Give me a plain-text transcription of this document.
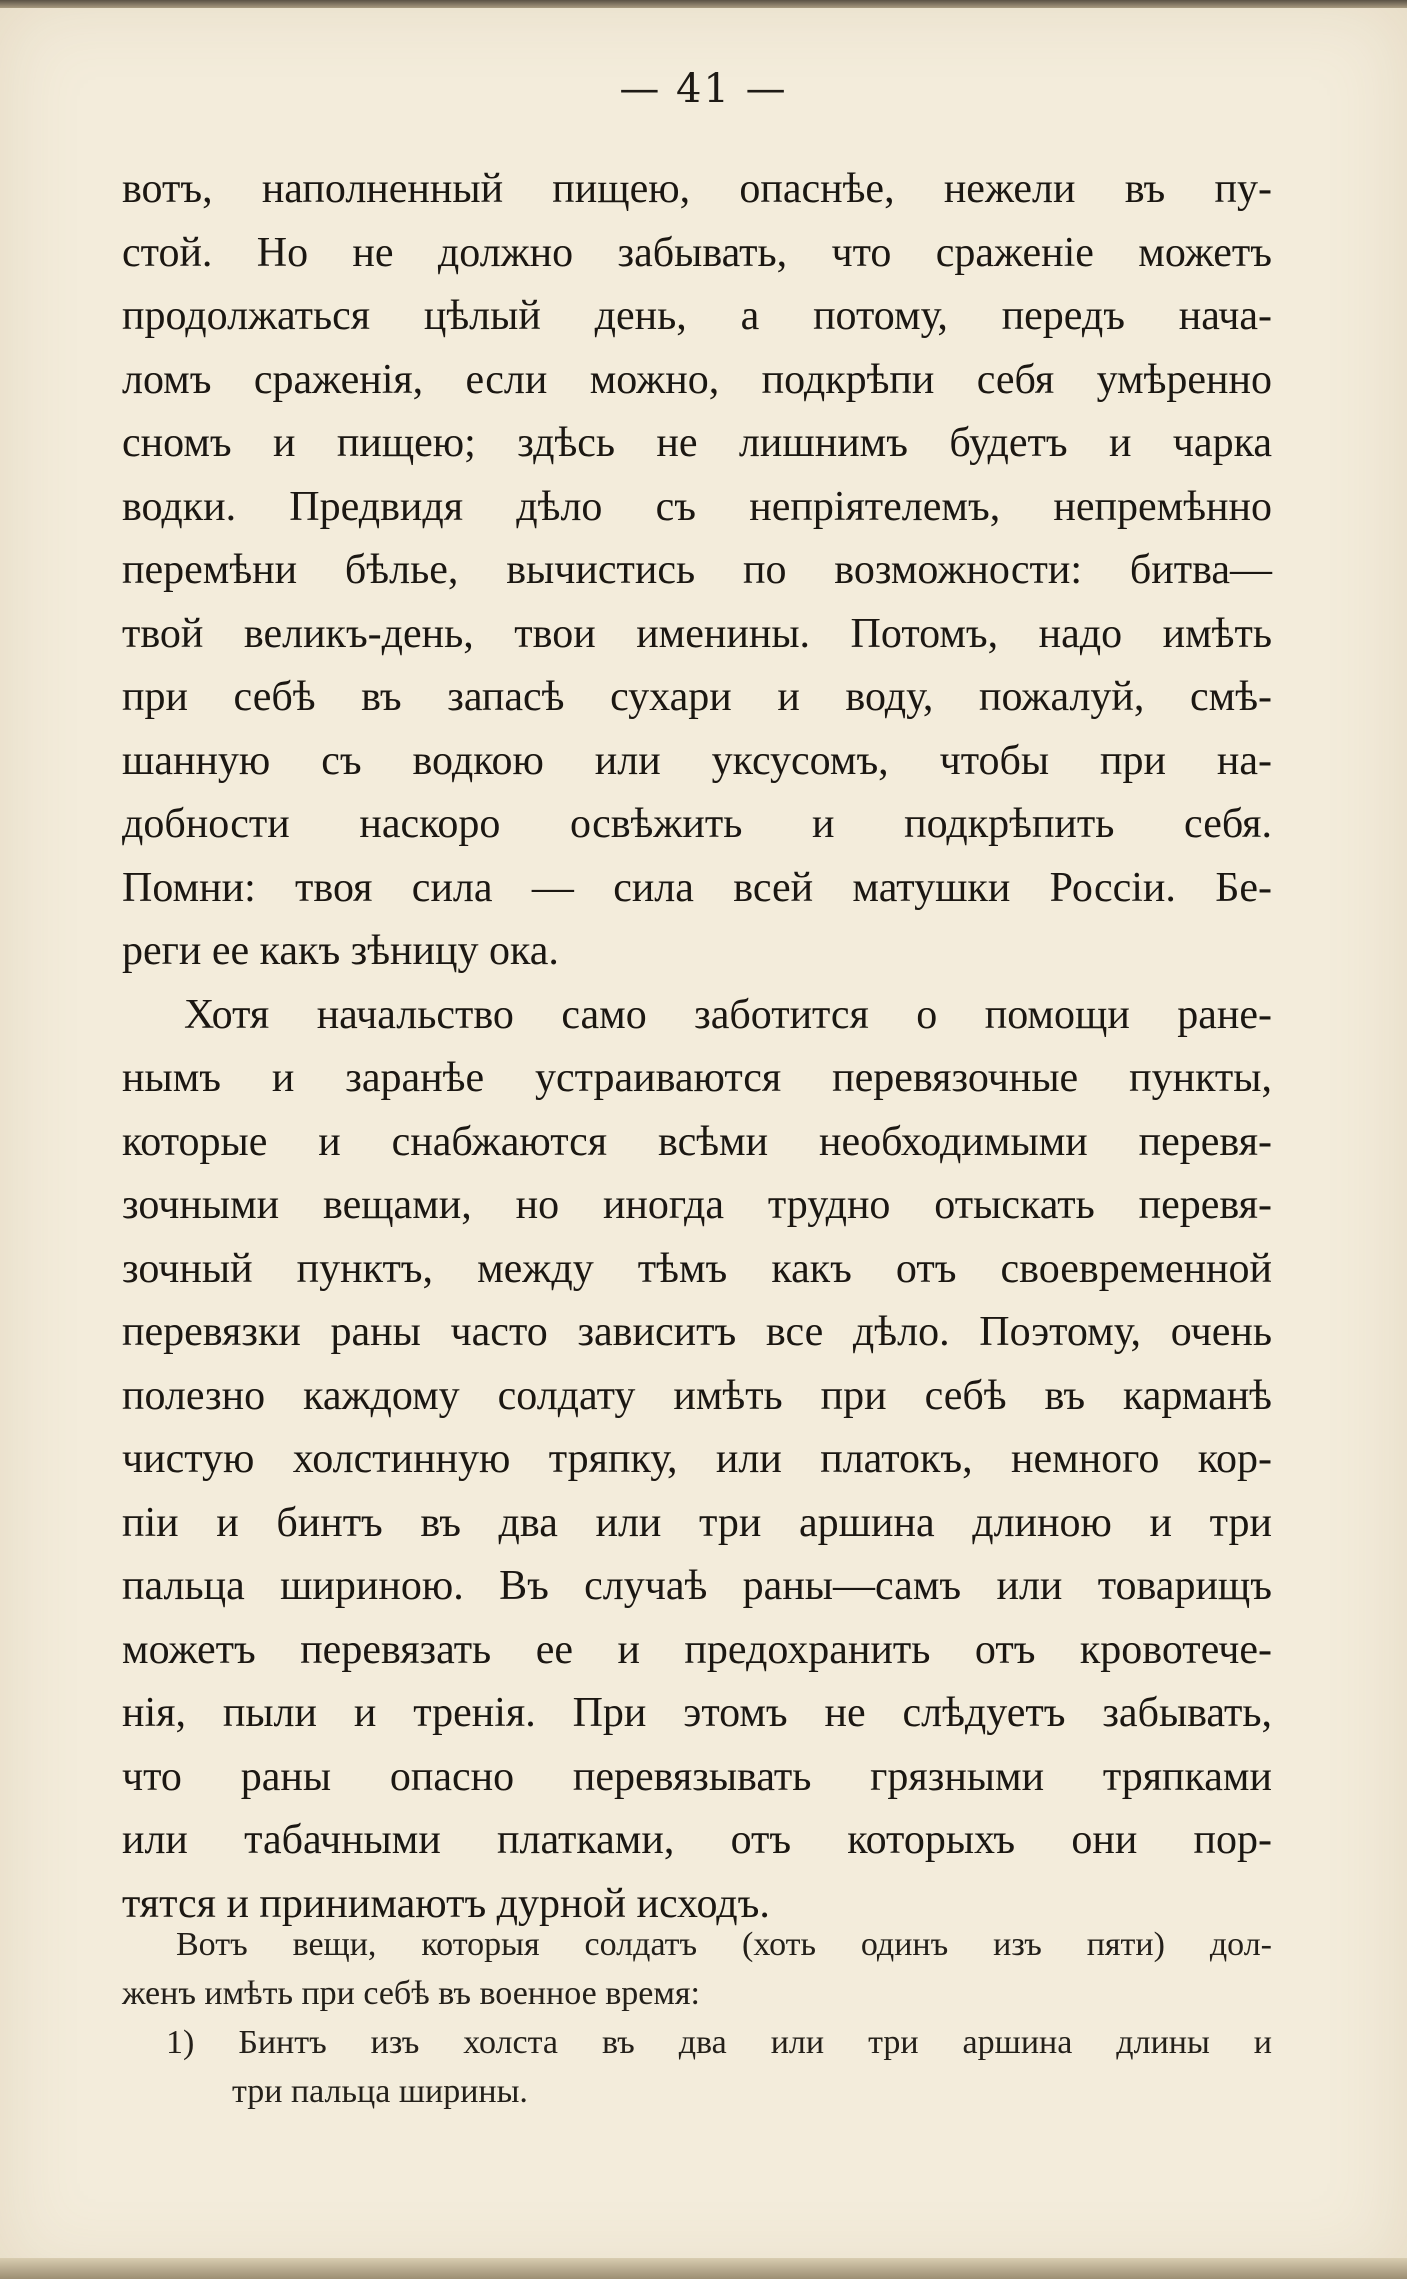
— 41 —

вотъ, наполненный пищею, опаснѣе, нежели въ пу-
стой. Но не должно забывать, что сраженіе можетъ
продолжаться цѣлый день, а потому, передъ нача-
ломъ сраженія, если можно, подкрѣпи себя умѣренно
сномъ и пищею; здѣсь не лишнимъ будетъ и чарка
водки. Предвидя дѣло съ непріятелемъ, непремѣнно
перемѣни бѣлье, вычистись по возможности: битва—
твой великъ-день, твои именины. Потомъ, надо имѣть
при себѣ въ запасѣ сухари и воду, пожалуй, смѣ-
шанную съ водкою или уксусомъ, чтобы при на-
добности наскоро освѣжить и подкрѣпить себя.
Помни: твоя сила — сила всей матушки Россіи. Бе-
реги ее какъ зѣницу ока.

Хотя начальство само заботится о помощи ране-
нымъ и заранѣе устраиваются перевязочные пункты,
которые и снабжаются всѣми необходимыми перевя-
зочными вещами, но иногда трудно отыскать перевя-
зочный пунктъ, между тѣмъ какъ отъ своевременной
перевязки раны часто зависитъ все дѣло. Поэтому, очень
полезно каждому солдату имѣть при себѣ въ карманѣ
чистую холстинную тряпку, или платокъ, немного кор-
піи и бинтъ въ два или три аршина длиною и три
пальца шириною. Въ случаѣ раны—самъ или товарищъ
можетъ перевязать ее и предохранить отъ кровотече-
нія, пыли и тренія. При этомъ не слѣдуетъ забывать,
что раны опасно перевязывать грязными тряпками
или табачными платками, отъ которыхъ они пор-
тятся и принимаютъ дурной исходъ.

Вотъ вещи, которыя солдатъ (хоть одинъ изъ пяти) дол-
женъ имѣть при себѣ въ военное время:
1) Бинтъ изъ холста въ два или три аршина длины и
три пальца ширины.
